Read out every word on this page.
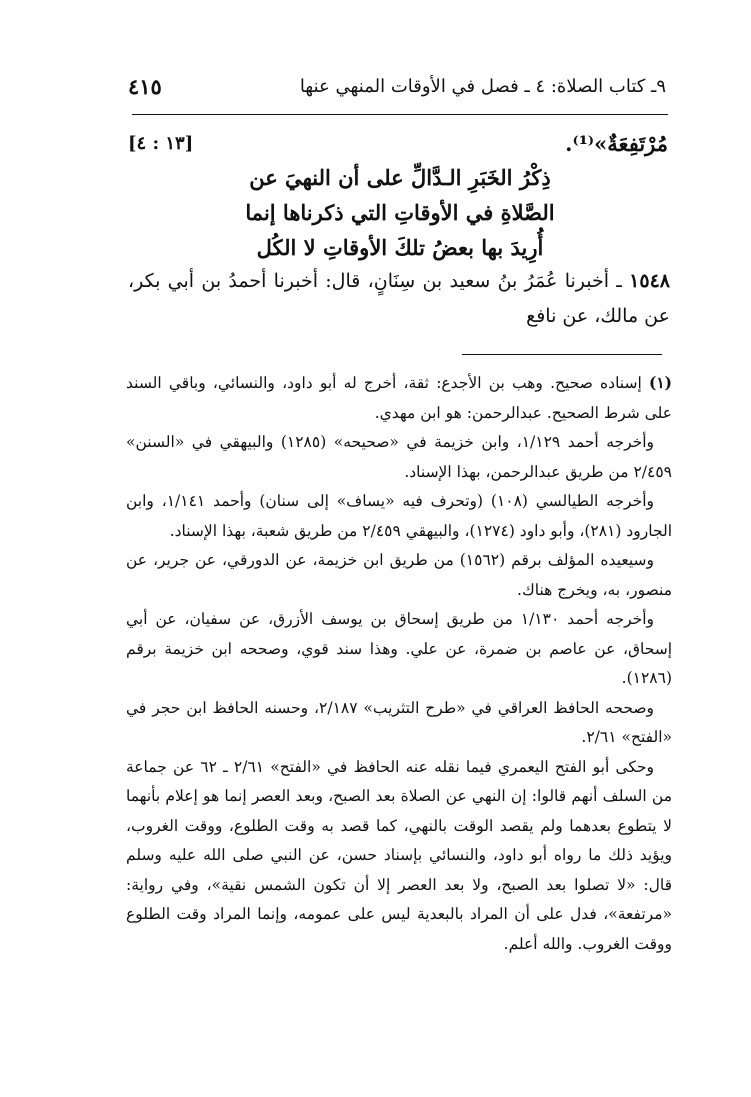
٩ـ كتاب الصلاة: ٤ ـ فصل في الأوقات المنهي عنها
٤١٥
مُرْتَفِعَةٌ»⁽¹⁾.
[١٣ : ٤]
ذِكْرُ الخَبَرِ الـدَّالِّ على أن النهيَ عن
الصَّلاةِ في الأوقاتِ التي ذكرناها إنما
أُرِيدَ بها بعضُ تلكَ الأوقاتِ لا الكُل
١٥٤٨ ـ أخبرنا عُمَرُ بنُ سعيد بن سِنَانٍ، قال: أخبرنا أحمدُ بن أبي بكر، عن مالك، عن نافع

(١) إسناده صحيح. وهب بن الأجدع: ثقة، أخرج له أبو داود، والنسائي، وباقي السند على شرط الصحيح. عبدالرحمن: هو ابن مهدي.

وأخرجه أحمد ١/١٢٩، وابن خزيمة في «صحيحه» (١٢٨٥) والبيهقي في «السنن» ٢/٤٥٩ من طريق عبدالرحمن، بهذا الإسناد.

وأخرجه الطيالسي (١٠٨) (وتحرف فيه «يساف» إلى سنان) وأحمد ١/١٤١، وابن الجارود (٢٨١)، وأبو داود (١٢٧٤)، والبيهقي ٢/٤٥٩ من طريق شعبة، بهذا الإسناد.

وسيعيده المؤلف برقم (١٥٦٢) من طريق ابن خزيمة، عن الدورقي، عن جرير، عن منصور، به، ويخرج هناك.

وأخرجه أحمد ١/١٣٠ من طريق إسحاق بن يوسف الأزرق، عن سفيان، عن أبي إسحاق، عن عاصم بن ضمرة، عن علي. وهذا سند قوي، وصححه ابن خزيمة برقم (١٢٨٦).

وصححه الحافظ العراقي في «طرح التثريب» ٢/١٨٧، وحسنه الحافظ ابن حجر في «الفتح» ٢/٦١.

وحكى أبو الفتح اليعمري فيما نقله عنه الحافظ في «الفتح» ٢/٦١ ـ ٦٢ عن جماعة من السلف أنهم قالوا: إن النهي عن الصلاة بعد الصبح، وبعد العصر إنما هو إعلام بأنهما لا يتطوع بعدهما ولم يقصد الوقت بالنهي، كما قصد به وقت الطلوع، ووقت الغروب، ويؤيد ذلك ما رواه أبو داود، والنسائي بإسناد حسن، عن النبي صلى الله عليه وسلم قال: «لا تصلوا بعد الصبح، ولا بعد العصر إلا أن تكون الشمس نقية»، وفي رواية: «مرتفعة»، فدل على أن المراد بالبعدية ليس على عمومه، وإنما المراد وقت الطلوع ووقت الغروب. والله أعلم.
